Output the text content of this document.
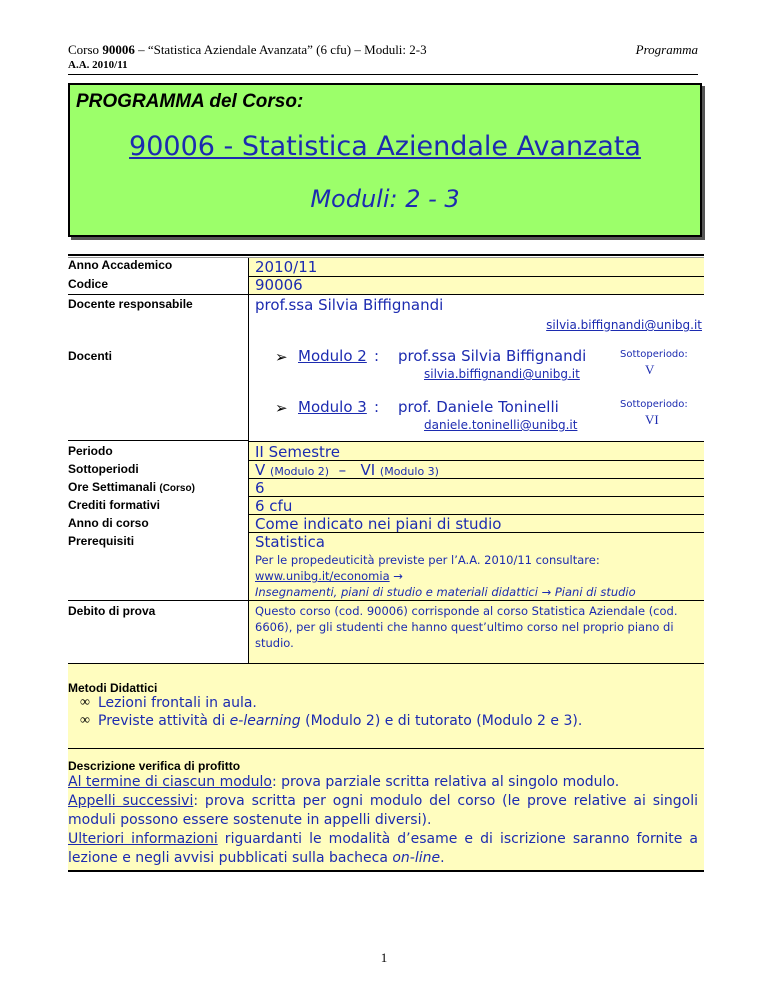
Corso 90006 – “Statistica Aziendale Avanzata” (6 cfu) – Moduli: 2-3	Programma
A.A. 2010/11
PROGRAMMA del Corso:
90006 - Statistica Aziendale Avanzata
Moduli: 2 - 3
Anno Accademico
Codice
Docente responsabile
Docenti
Periodo
Sottoperiodi
Ore Settimanali (Corso)
Crediti formativi
Anno di corso
Prerequisiti
Debito di prova
2010/11
90006
prof.ssa Silvia Biffignandi
silvia.biffignandi@unibg.it
➢ Modulo 2 : prof.ssa Silvia Biffignandi
silvia.biffignandi@unibg.it
Sottoperiodo:
V
➢ Modulo 3 : prof. Daniele Toninelli
daniele.toninelli@unibg.it
Sottoperiodo:
VI
II Semestre
V (Modulo 2) – VI (Modulo 3)
6
6 cfu
Come indicato nei piani di studio
Statistica
Per le propedeuticità previste per l’A.A. 2010/11 consultare:
www.unibg.it/economia →
Insegnamenti, piani di studio e materiali didattici → Piani di studio
Questo corso (cod. 90006) corrisponde al corso Statistica Aziendale (cod. 6606), per gli studenti che hanno quest’ultimo corso nel proprio piano di studio.
Metodi Didattici
∞ Lezioni frontali in aula.
∞ Previste attività di e-learning (Modulo 2) e di tutorato (Modulo 2 e 3).
Descrizione verifica di profitto
Al termine di ciascun modulo: prova parziale scritta relativa al singolo modulo.
Appelli successivi: prova scritta per ogni modulo del corso (le prove relative ai singoli moduli possono essere sostenute in appelli diversi).
Ulteriori informazioni riguardanti le modalità d’esame e di iscrizione saranno fornite a lezione e negli avvisi pubblicati sulla bacheca on-line.
1
